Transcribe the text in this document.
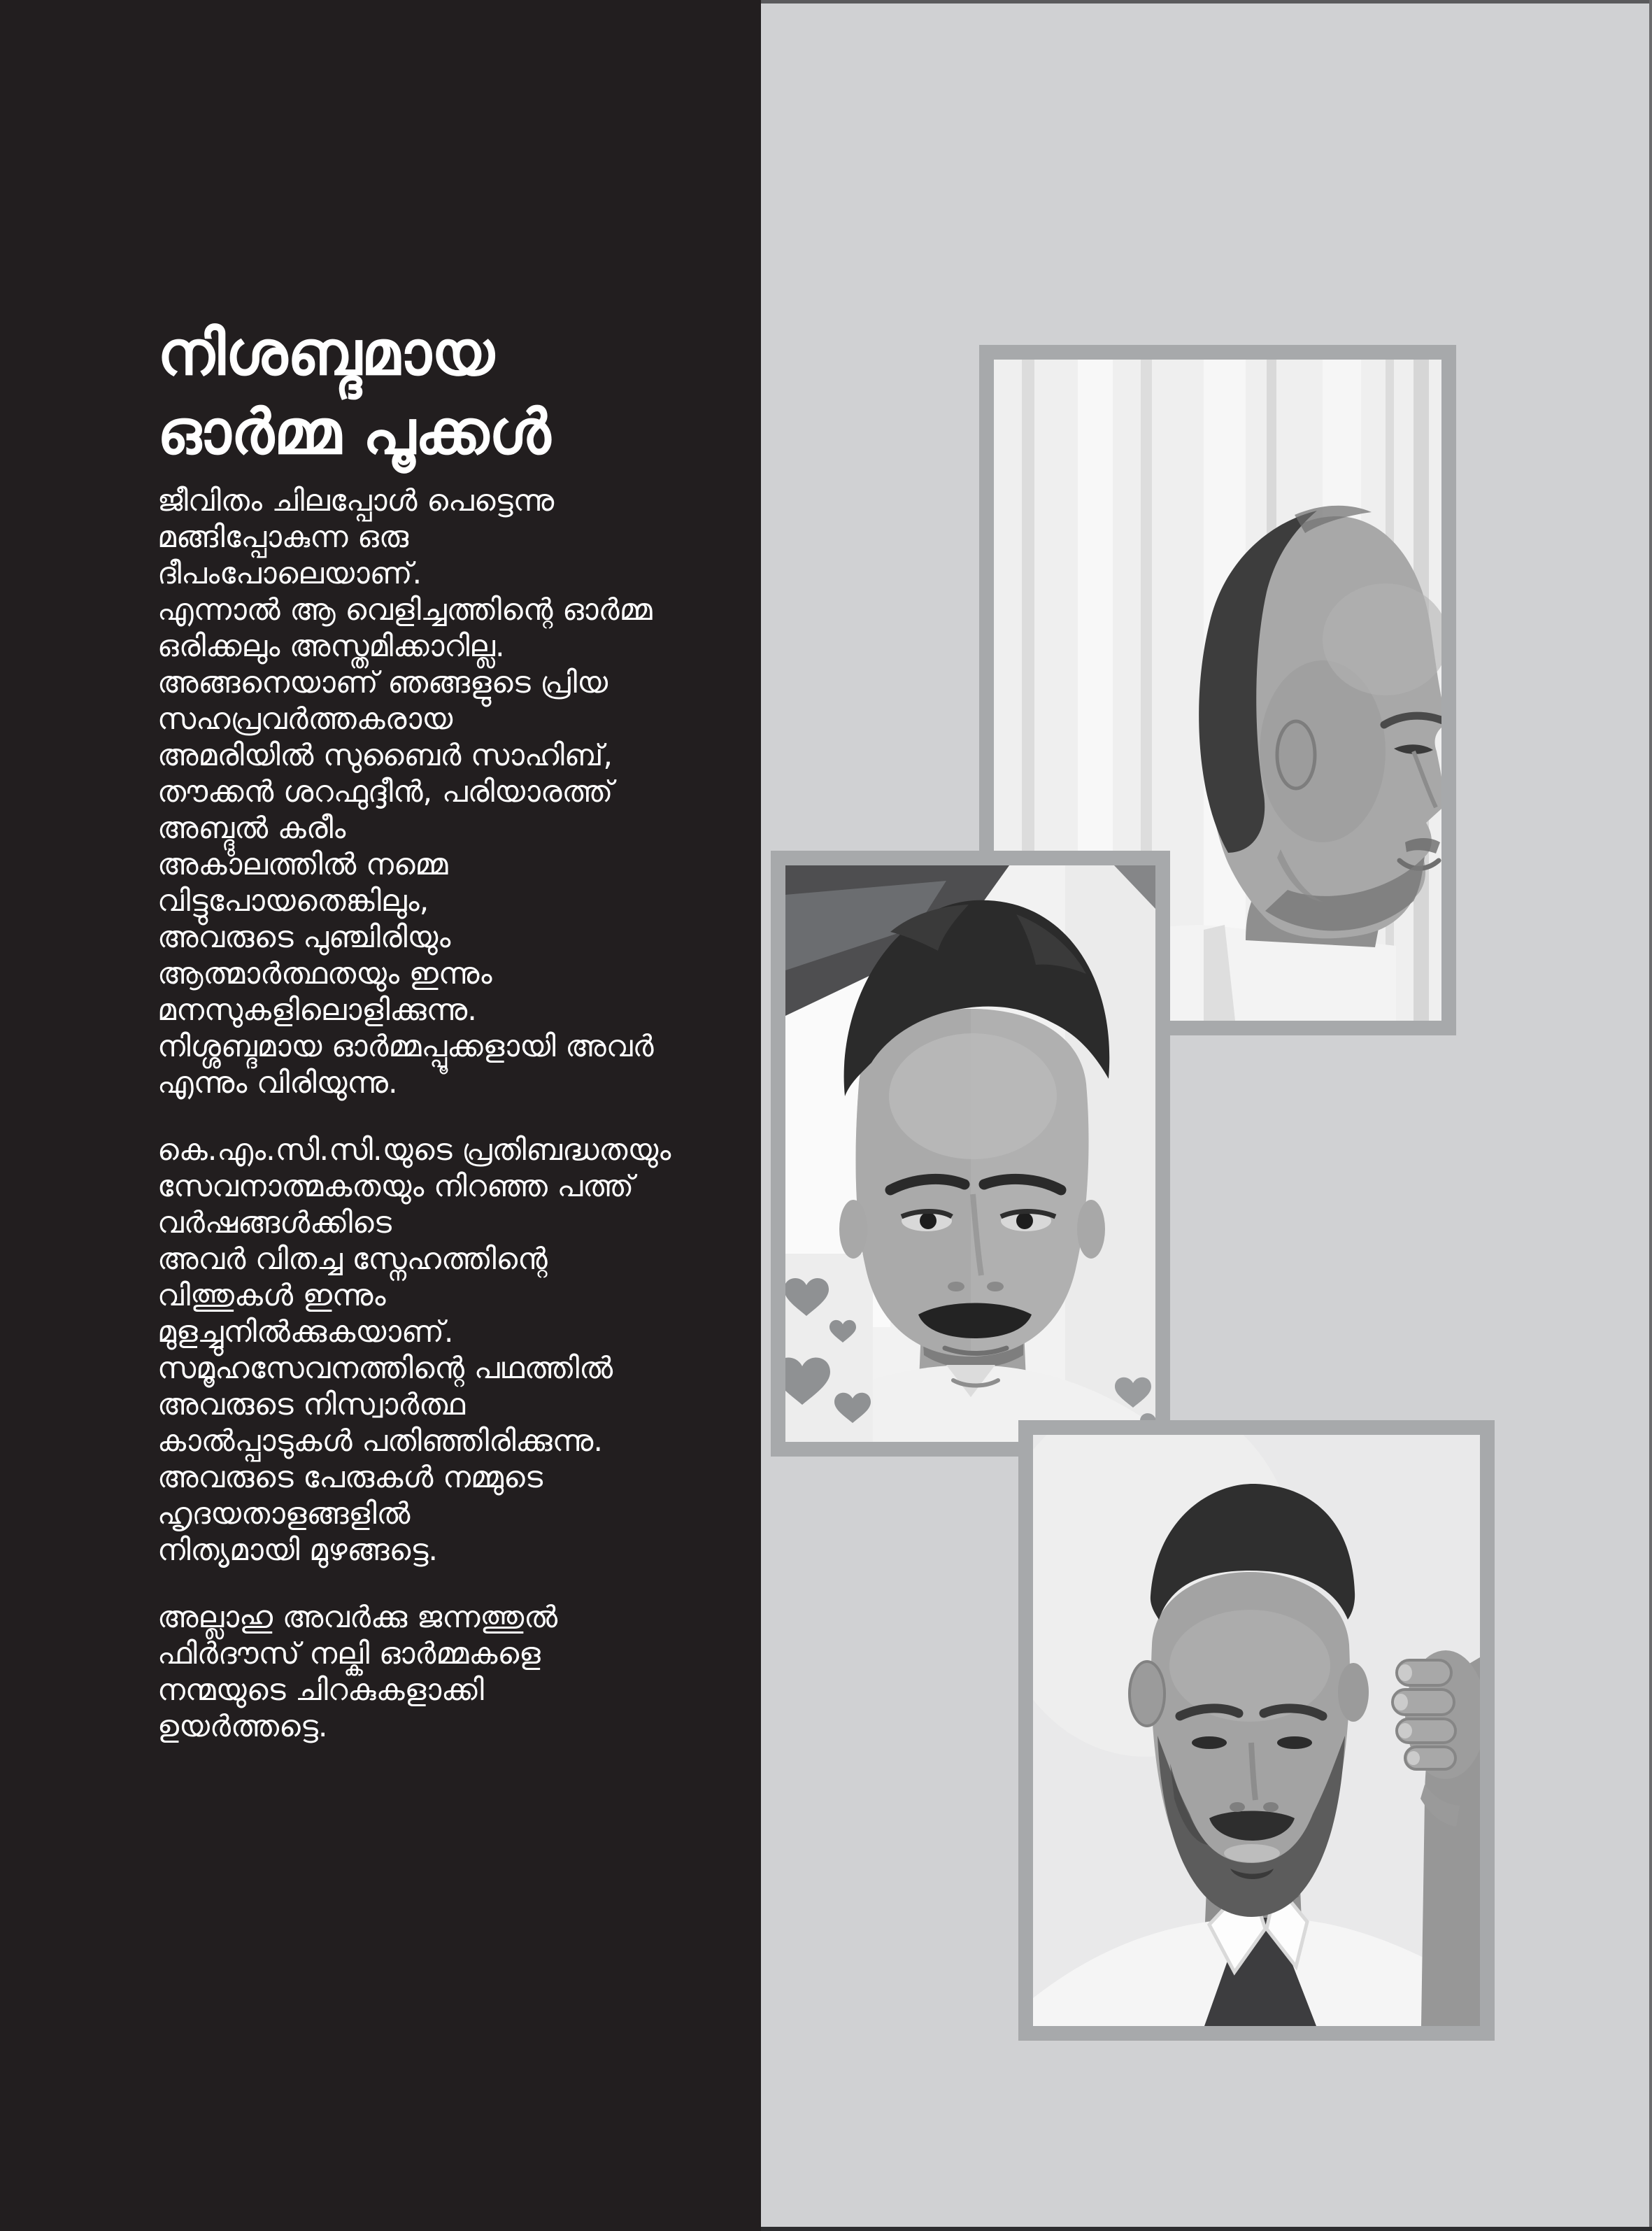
നിശബ്ദമായ
ഓർമ്മ പൂക്കൾ
ജീവിതം ചിലപ്പോൾ പെട്ടെന്നു
മങ്ങിപ്പോകുന്ന ഒരു
ദീപംപോലെയാണ്.
എന്നാൽ ആ വെളിച്ചത്തിന്റെ ഓർമ്മ
ഒരിക്കലും അസ്തമിക്കാറില്ല.
അങ്ങനെയാണ് ഞങ്ങളുടെ പ്രിയ
സഹപ്രവർത്തകരായ
അമരിയിൽ സുബൈർ സാഹിബ്,
തൗക്കൻ ശറഫുദ്ദീൻ, പരിയാരത്ത്
അബ്ദുൽ കരീം
അകാലത്തിൽ നമ്മെ
വിട്ടുപോയതെങ്കിലും,
അവരുടെ പുഞ്ചിരിയും
ആത്മാർത്ഥതയും ഇന്നും
മനസുകളിലൊളിക്കുന്നു.
നിശ്ശബ്ദമായ ഓർമ്മപ്പൂക്കളായി അവർ
എന്നും വിരിയുന്നു.
കെ.എം.സി.സി.യുടെ പ്രതിബദ്ധതയും
സേവനാത്മകതയും നിറഞ്ഞ പത്ത്
വർഷങ്ങൾക്കിടെ
അവർ വിതച്ച സ്നേഹത്തിന്റെ
വിത്തുകൾ ഇന്നും
മുളച്ചുനിൽക്കുകയാണ്.
സമൂഹസേവനത്തിന്റെ പഥത്തിൽ
അവരുടെ നിസ്വാർത്ഥ
കാൽപ്പാടുകൾ പതിഞ്ഞിരിക്കുന്നു.
അവരുടെ പേരുകൾ നമ്മുടെ
ഹൃദയതാളങ്ങളിൽ
നിത്യമായി മുഴങ്ങട്ടെ.
അല്ലാഹു അവർക്കു ജന്നത്തുൽ
ഫിർദൗസ് നല്കി ഓർമ്മകളെ
നന്മയുടെ ചിറകുകളാക്കി
ഉയർത്തട്ടെ.
